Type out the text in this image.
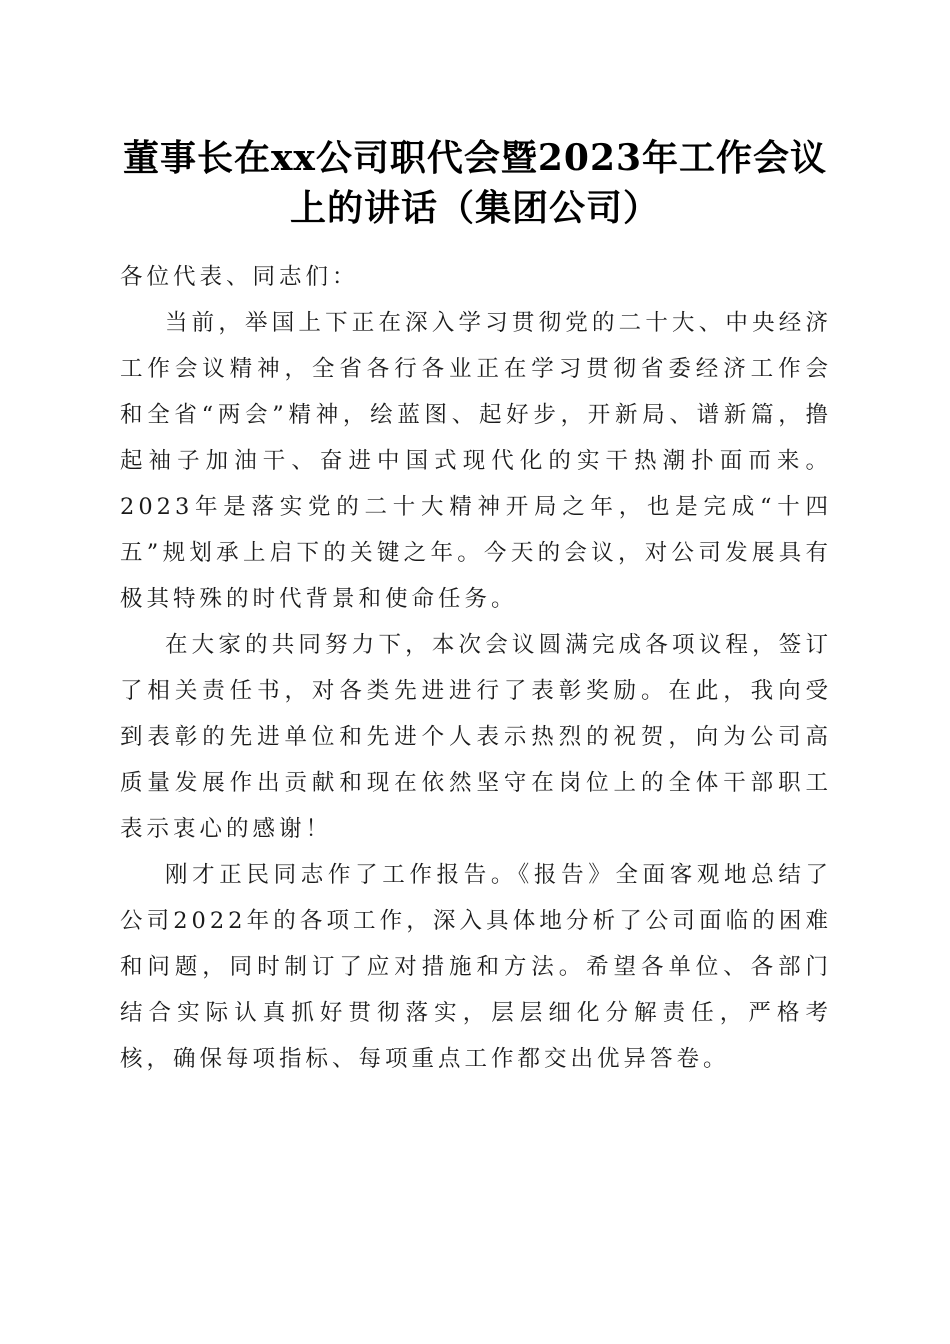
董事长在xx公司职代会暨2023年工作会议上的讲话（集团公司）

各位代表、同志们：

当前，举国上下正在深入学习贯彻党的二十大、中央经济工作会议精神，全省各行各业正在学习贯彻省委经济工作会和全省“两会”精神，绘蓝图、起好步，开新局、谱新篇，撸起袖子加油干、奋进中国式现代化的实干热潮扑面而来。2023年是落实党的二十大精神开局之年，也是完成“十四五”规划承上启下的关键之年。今天的会议，对公司发展具有极其特殊的时代背景和使命任务。

在大家的共同努力下，本次会议圆满完成各项议程，签订了相关责任书，对各类先进进行了表彰奖励。在此，我向受到表彰的先进单位和先进个人表示热烈的祝贺，向为公司高质量发展作出贡献和现在依然坚守在岗位上的全体干部职工表示衷心的感谢！

刚才正民同志作了工作报告。《报告》全面客观地总结了公司2022年的各项工作，深入具体地分析了公司面临的困难和问题，同时制订了应对措施和方法。希望各单位、各部门结合实际认真抓好贯彻落实，层层细化分解责任，严格考核，确保每项指标、每项重点工作都交出优异答卷。
